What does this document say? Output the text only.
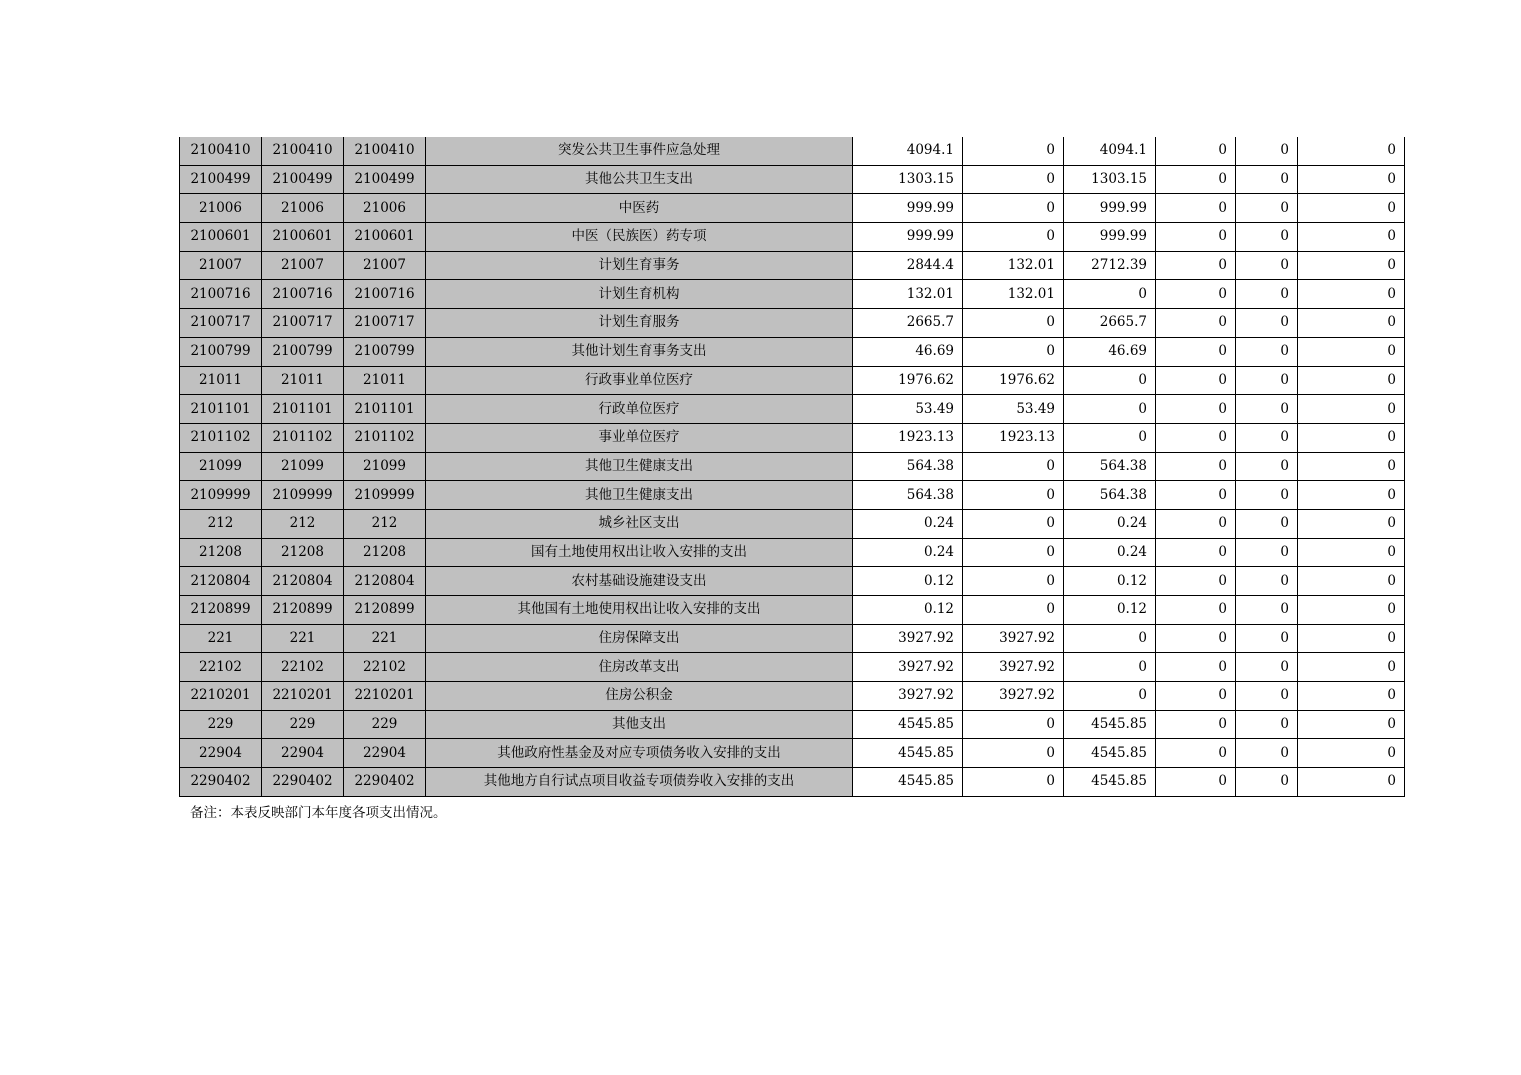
2100410	2100410	2100410	突发公共卫生事件应急处理	4094.1	0	4094.1	0	0	0
2100499	2100499	2100499	其他公共卫生支出	1303.15	0	1303.15	0	0	0
21006	21006	21006	中医药	999.99	0	999.99	0	0	0
2100601	2100601	2100601	中医（民族医）药专项	999.99	0	999.99	0	0	0
21007	21007	21007	计划生育事务	2844.4	132.01	2712.39	0	0	0
2100716	2100716	2100716	计划生育机构	132.01	132.01	0	0	0	0
2100717	2100717	2100717	计划生育服务	2665.7	0	2665.7	0	0	0
2100799	2100799	2100799	其他计划生育事务支出	46.69	0	46.69	0	0	0
21011	21011	21011	行政事业单位医疗	1976.62	1976.62	0	0	0	0
2101101	2101101	2101101	行政单位医疗	53.49	53.49	0	0	0	0
2101102	2101102	2101102	事业单位医疗	1923.13	1923.13	0	0	0	0
21099	21099	21099	其他卫生健康支出	564.38	0	564.38	0	0	0
2109999	2109999	2109999	其他卫生健康支出	564.38	0	564.38	0	0	0
212	212	212	城乡社区支出	0.24	0	0.24	0	0	0
21208	21208	21208	国有土地使用权出让收入安排的支出	0.24	0	0.24	0	0	0
2120804	2120804	2120804	农村基础设施建设支出	0.12	0	0.12	0	0	0
2120899	2120899	2120899	其他国有土地使用权出让收入安排的支出	0.12	0	0.12	0	0	0
221	221	221	住房保障支出	3927.92	3927.92	0	0	0	0
22102	22102	22102	住房改革支出	3927.92	3927.92	0	0	0	0
2210201	2210201	2210201	住房公积金	3927.92	3927.92	0	0	0	0
229	229	229	其他支出	4545.85	0	4545.85	0	0	0
22904	22904	22904	其他政府性基金及对应专项债务收入安排的支出	4545.85	0	4545.85	0	0	0
2290402	2290402	2290402	其他地方自行试点项目收益专项债券收入安排的支出	4545.85	0	4545.85	0	0	0
备注：本表反映部门本年度各项支出情况。
